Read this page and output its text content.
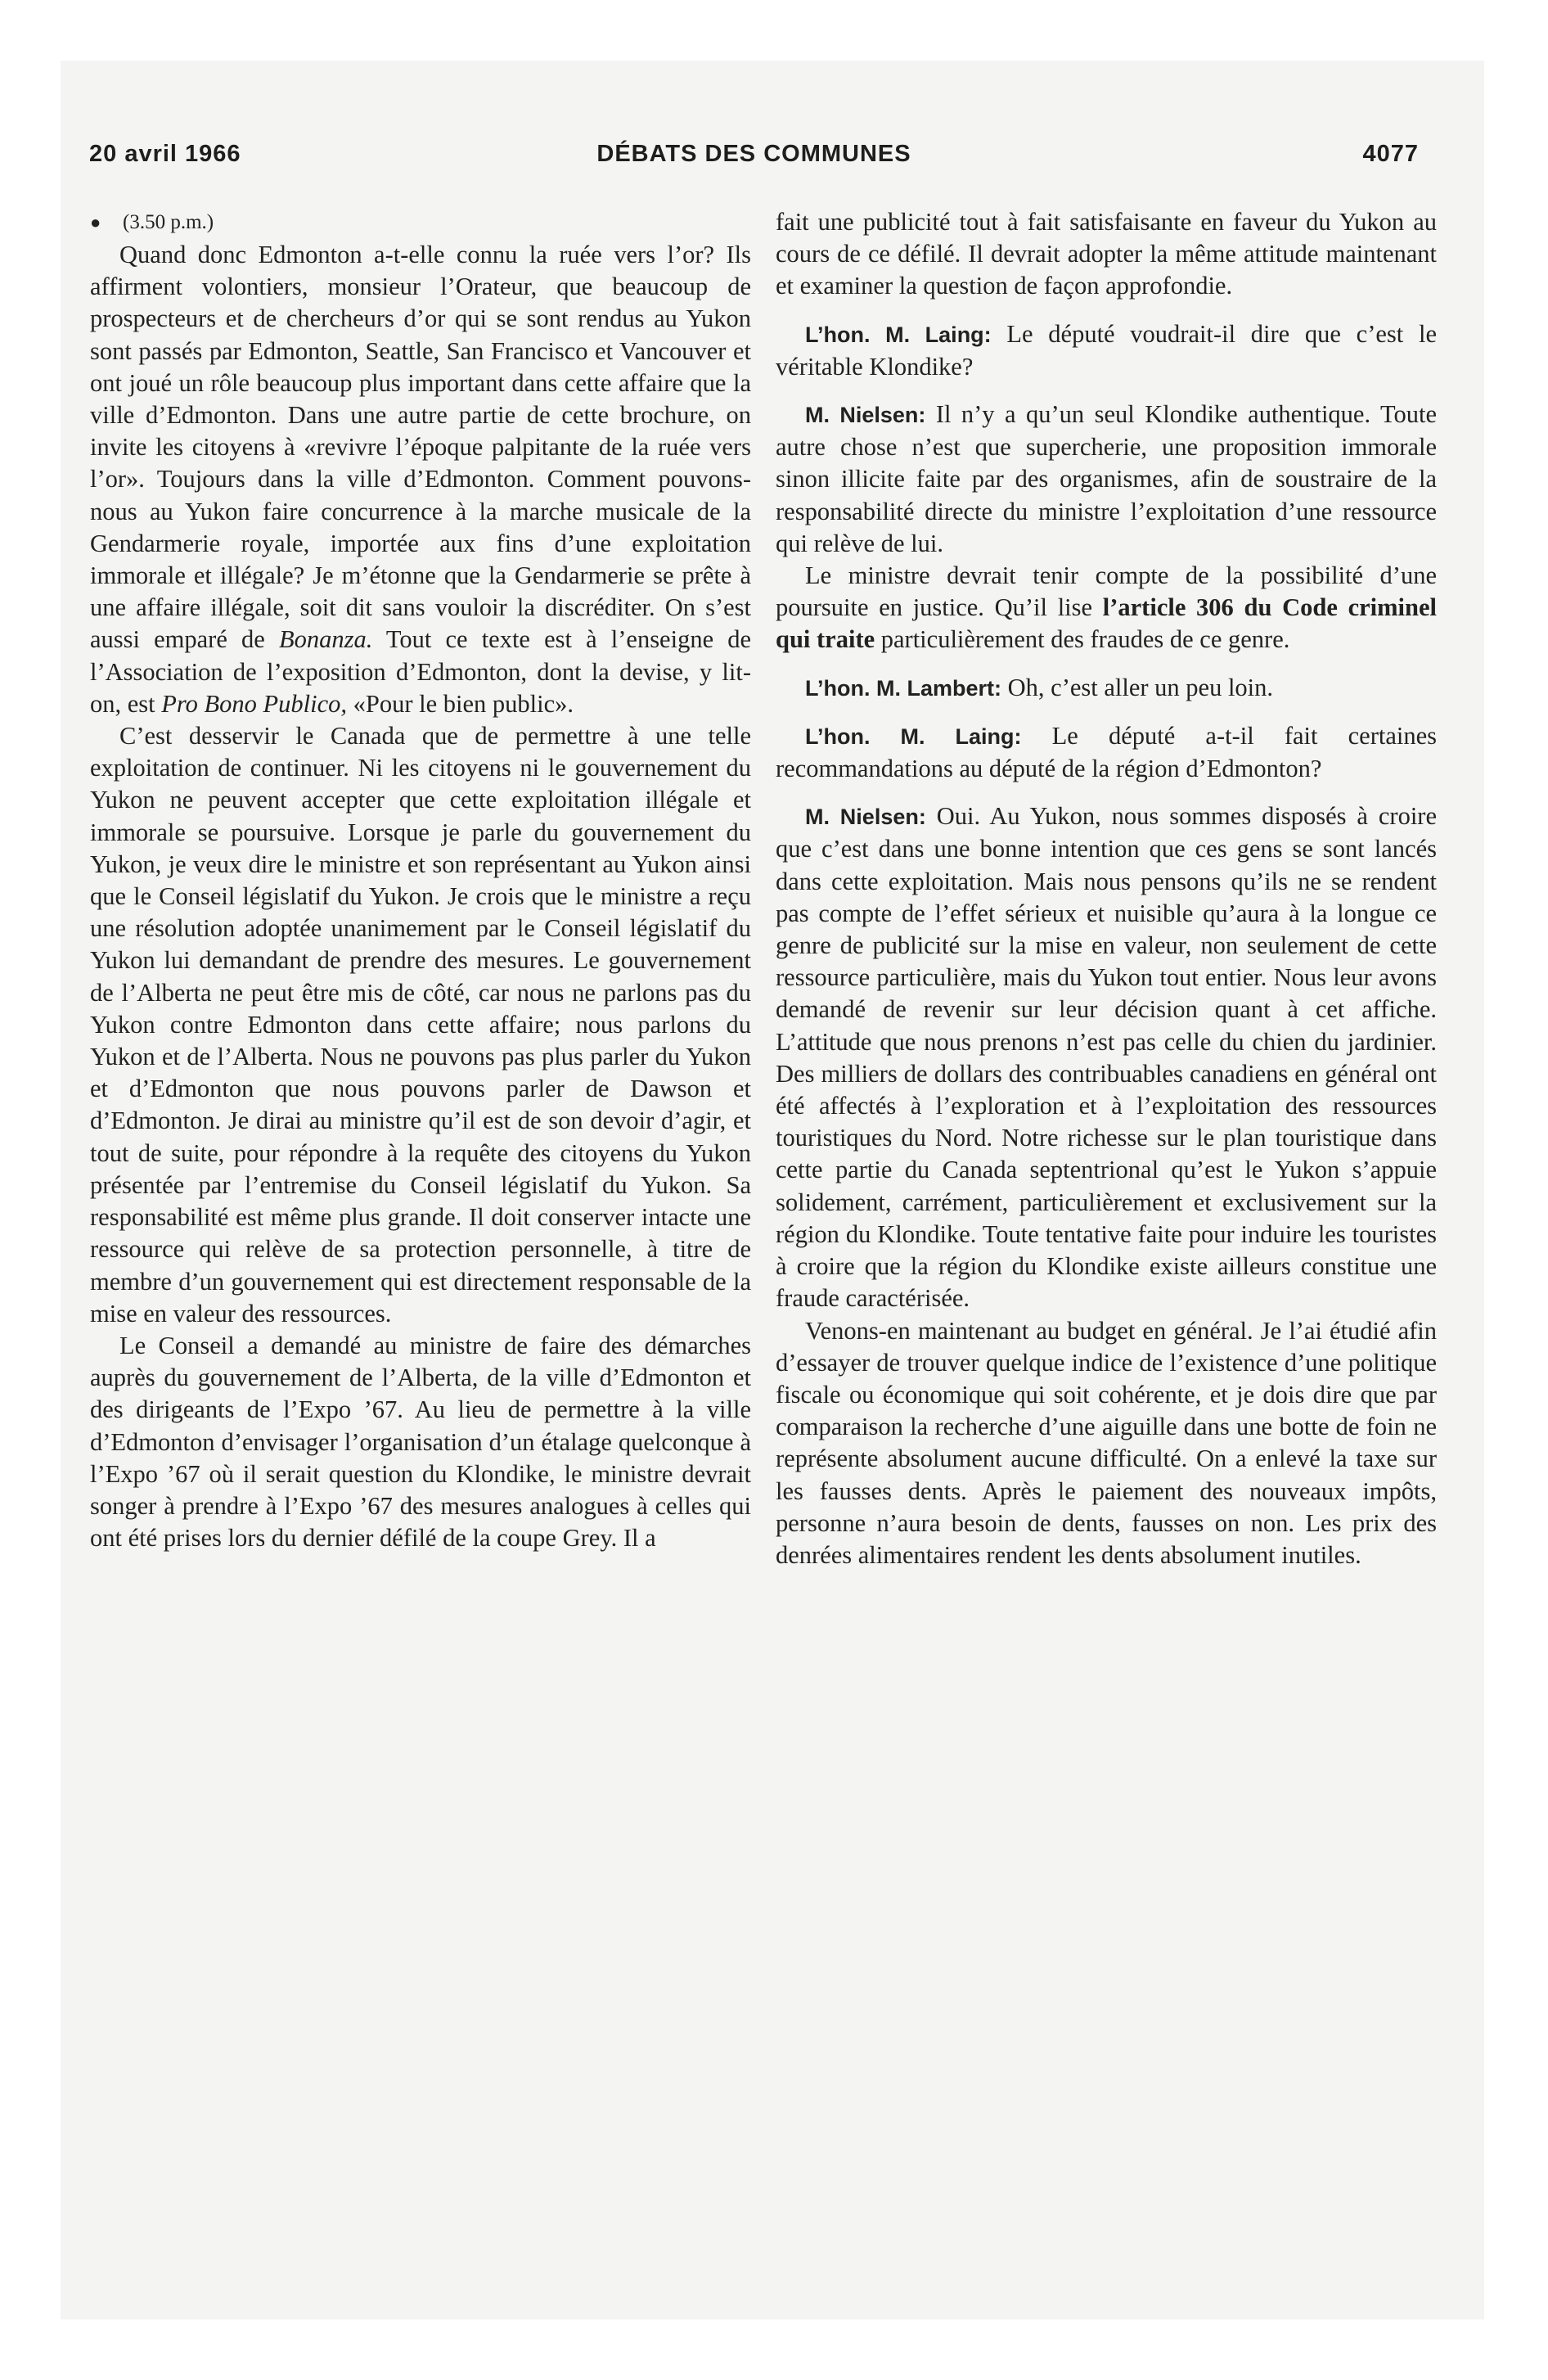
20 avril 1966	DÉBATS DES COMMUNES	4077

● (3.50 p.m.)

Quand donc Edmonton a-t-elle connu la ruée vers l’or? Ils affirment volontiers, monsieur l’Orateur, que beaucoup de prospecteurs et de chercheurs d’or qui se sont rendus au Yukon sont passés par Edmonton, Seattle, San Francisco et Vancouver et ont joué un rôle beaucoup plus important dans cette affaire que la ville d’Edmonton. Dans une autre partie de cette brochure, on invite les citoyens à «revivre l’époque palpitante de la ruée vers l’or». Toujours dans la ville d’Edmonton. Comment pouvons-nous au Yukon faire concurrence à la marche musicale de la Gendarmerie royale, importée aux fins d’une exploitation immorale et illégale? Je m’étonne que la Gendarmerie se prête à une affaire illégale, soit dit sans vouloir la discréditer. On s’est aussi emparé de Bonanza. Tout ce texte est à l’enseigne de l’Association de l’exposition d’Edmonton, dont la devise, y lit-on, est Pro Bono Publico, «Pour le bien public».

C’est desservir le Canada que de permettre à une telle exploitation de continuer. Ni les citoyens ni le gouvernement du Yukon ne peuvent accepter que cette exploitation illégale et immorale se poursuive. Lorsque je parle du gouvernement du Yukon, je veux dire le ministre et son représentant au Yukon ainsi que le Conseil législatif du Yukon. Je crois que le ministre a reçu une résolution adoptée unanimement par le Conseil législatif du Yukon lui demandant de prendre des mesures. Le gouvernement de l’Alberta ne peut être mis de côté, car nous ne parlons pas du Yukon contre Edmonton dans cette affaire; nous parlons du Yukon et de l’Alberta. Nous ne pouvons pas plus parler du Yukon et d’Edmonton que nous pouvons parler de Dawson et d’Edmonton. Je dirai au ministre qu’il est de son devoir d’agir, et tout de suite, pour répondre à la requête des citoyens du Yukon présentée par l’entremise du Conseil législatif du Yukon. Sa responsabilité est même plus grande. Il doit conserver intacte une ressource qui relève de sa protection personnelle, à titre de membre d’un gouvernement qui est directement responsable de la mise en valeur des ressources.

Le Conseil a demandé au ministre de faire des démarches auprès du gouvernement de l’Alberta, de la ville d’Edmonton et des dirigeants de l’Expo ’67. Au lieu de permettre à la ville d’Edmonton d’envisager l’organisation d’un étalage quelconque à l’Expo ’67 où il serait question du Klondike, le ministre devrait songer à prendre à l’Expo ’67 des mesures analogues à celles qui ont été prises lors du dernier défilé de la coupe Grey. Il a

fait une publicité tout à fait satisfaisante en faveur du Yukon au cours de ce défilé. Il devrait adopter la même attitude maintenant et examiner la question de façon approfondie.

L’hon. M. Laing: Le député voudrait-il dire que c’est le véritable Klondike?

M. Nielsen: Il n’y a qu’un seul Klondike authentique. Toute autre chose n’est que supercherie, une proposition immorale sinon illicite faite par des organismes, afin de soustraire de la responsabilité directe du ministre l’exploitation d’une ressource qui relève de lui.

Le ministre devrait tenir compte de la possibilité d’une poursuite en justice. Qu’il lise l’article 306 du Code criminel qui traite particulièrement des fraudes de ce genre.

L’hon. M. Lambert: Oh, c’est aller un peu loin.

L’hon. M. Laing: Le député a-t-il fait certaines recommandations au député de la région d’Edmonton?

M. Nielsen: Oui. Au Yukon, nous sommes disposés à croire que c’est dans une bonne intention que ces gens se sont lancés dans cette exploitation. Mais nous pensons qu’ils ne se rendent pas compte de l’effet sérieux et nuisible qu’aura à la longue ce genre de publicité sur la mise en valeur, non seulement de cette ressource particulière, mais du Yukon tout entier. Nous leur avons demandé de revenir sur leur décision quant à cet affiche. L’attitude que nous prenons n’est pas celle du chien du jardinier. Des milliers de dollars des contribuables canadiens en général ont été affectés à l’exploration et à l’exploitation des ressources touristiques du Nord. Notre richesse sur le plan touristique dans cette partie du Canada septentrional qu’est le Yukon s’appuie solidement, carrément, particulièrement et exclusivement sur la région du Klondike. Toute tentative faite pour induire les touristes à croire que la région du Klondike existe ailleurs constitue une fraude caractérisée.

Venons-en maintenant au budget en général. Je l’ai étudié afin d’essayer de trouver quelque indice de l’existence d’une politique fiscale ou économique qui soit cohérente, et je dois dire que par comparaison la recherche d’une aiguille dans une botte de foin ne représente absolument aucune difficulté. On a enlevé la taxe sur les fausses dents. Après le paiement des nouveaux impôts, personne n’aura besoin de dents, fausses on non. Les prix des denrées alimentaires rendent les dents absolument inutiles.
